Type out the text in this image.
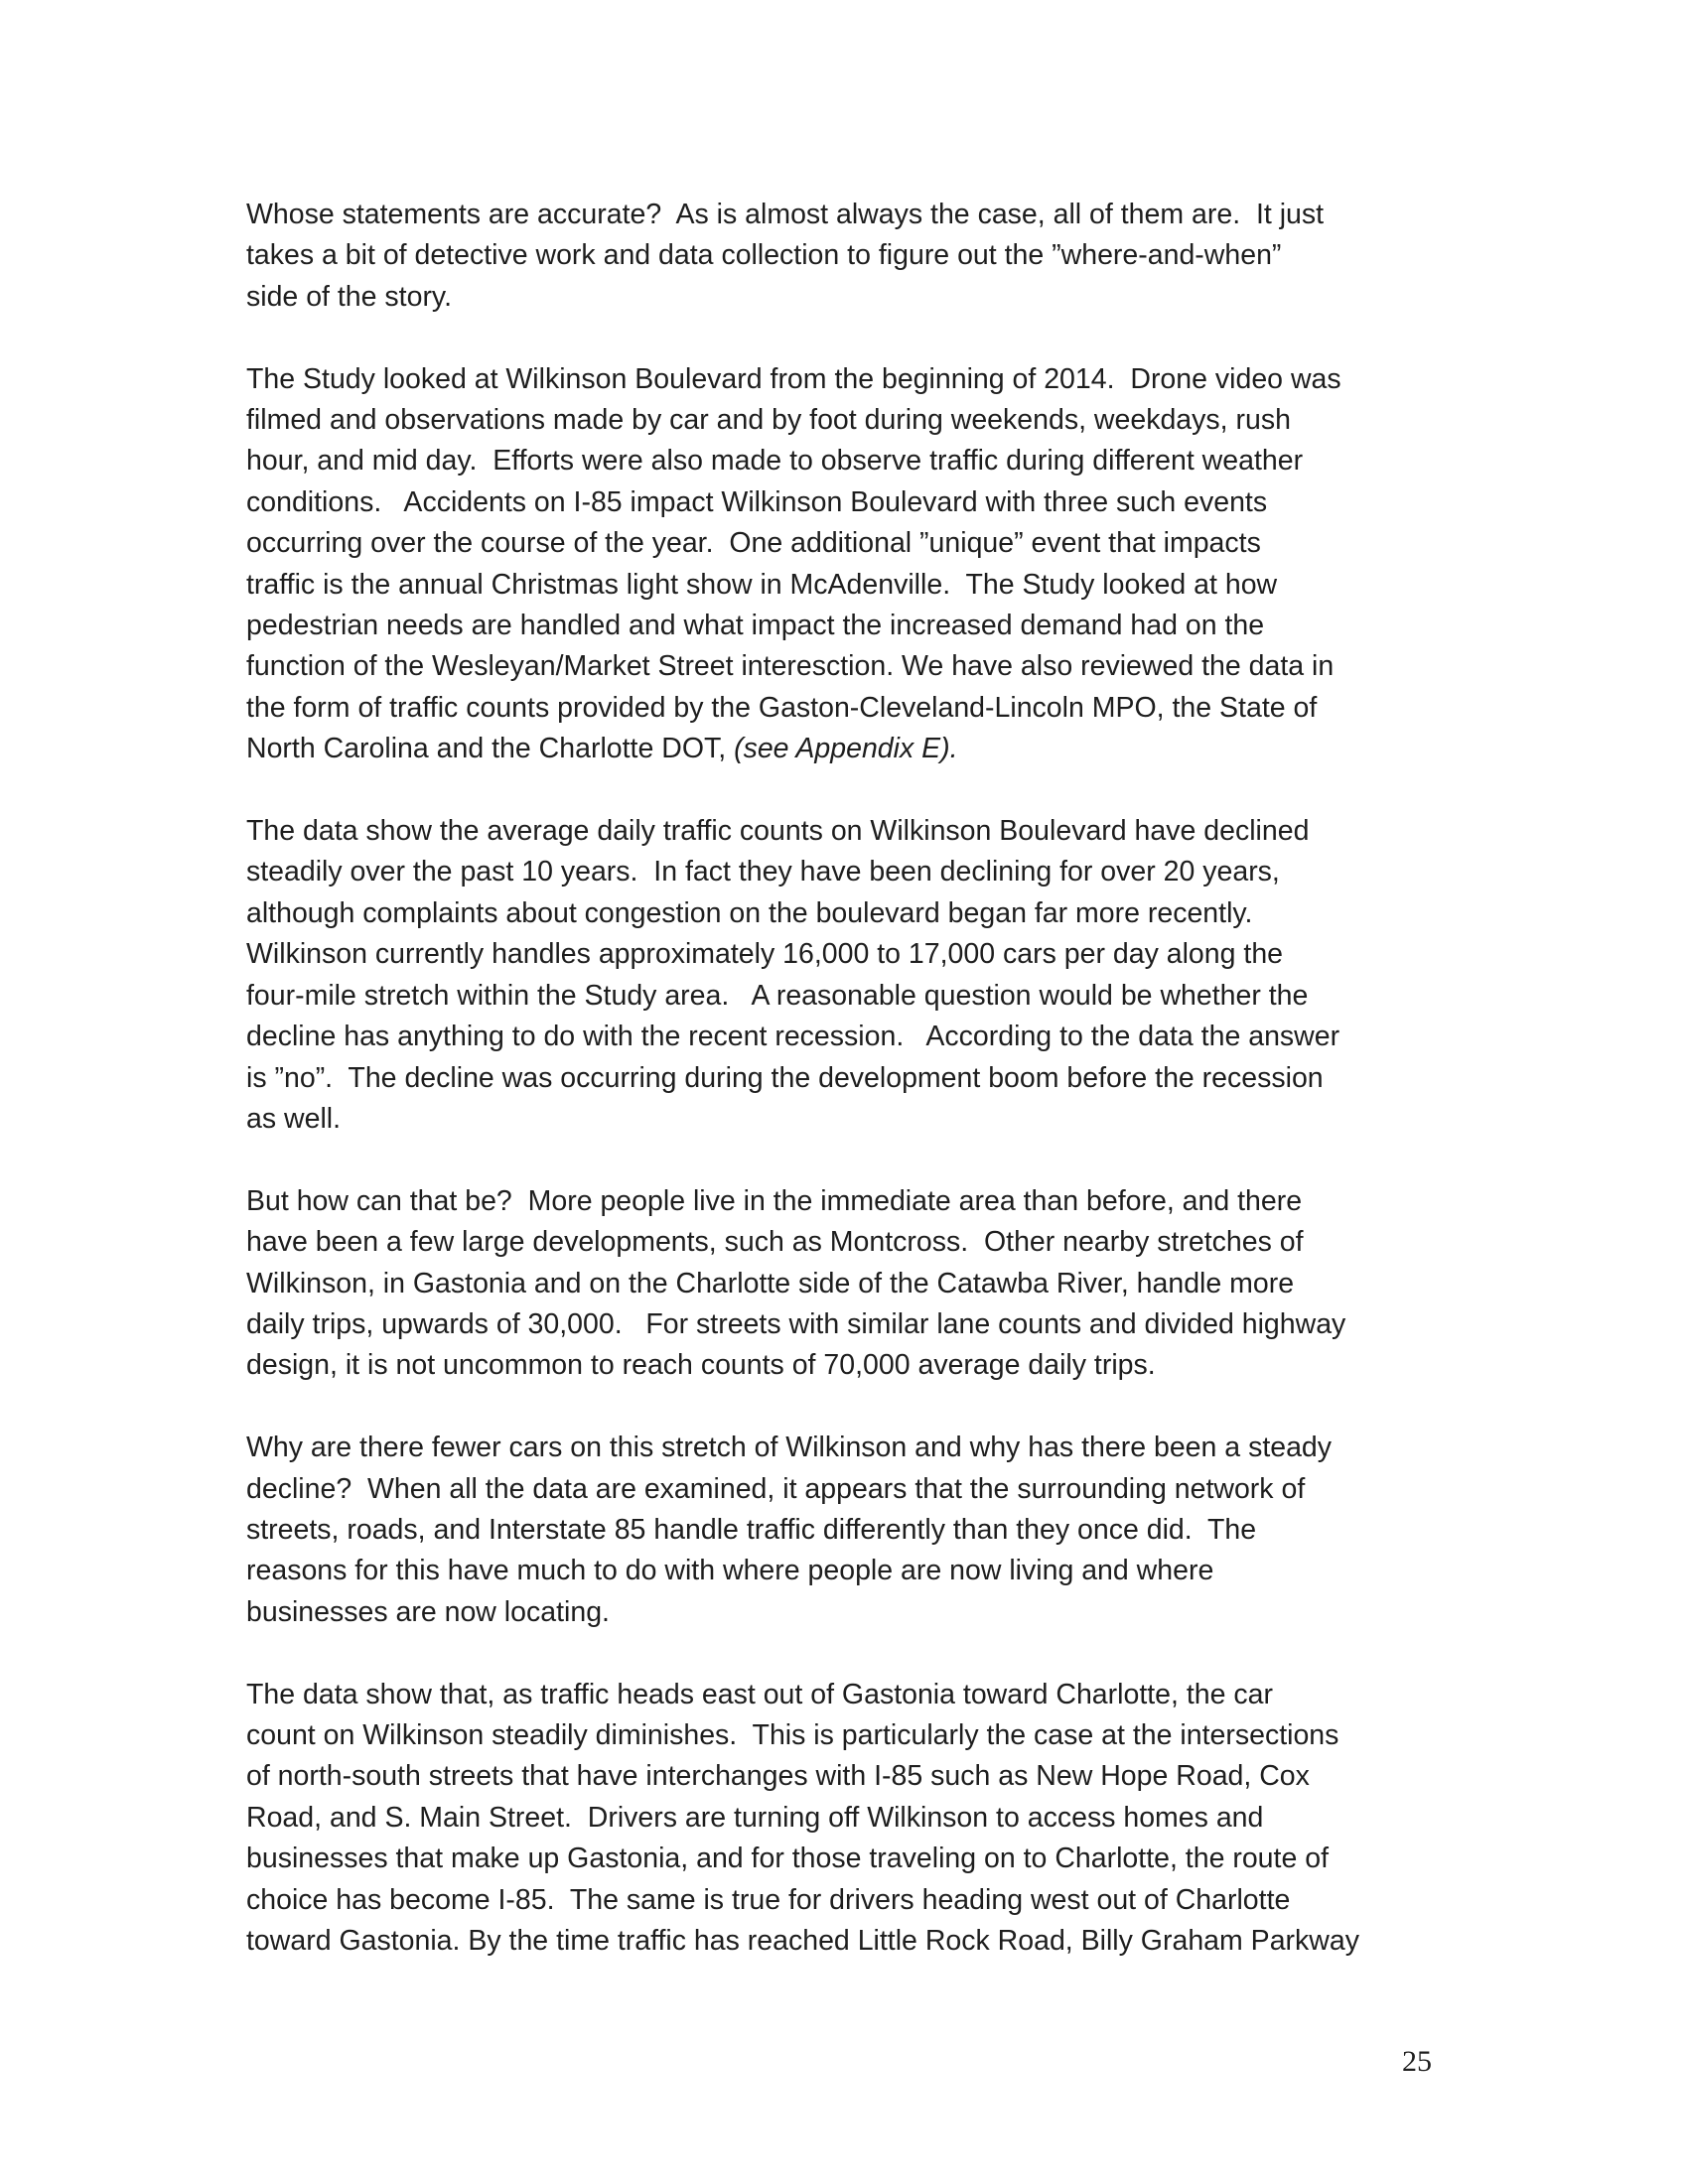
Whose statements are accurate?  As is almost always the case, all of them are.  It just
takes a bit of detective work and data collection to figure out the ”where-and-when”
side of the story.

The Study looked at Wilkinson Boulevard from the beginning of 2014.  Drone video was
filmed and observations made by car and by foot during weekends, weekdays, rush
hour, and mid day.  Efforts were also made to observe traffic during different weather
conditions.   Accidents on I-85 impact Wilkinson Boulevard with three such events
occurring over the course of the year.  One additional ”unique” event that impacts
traffic is the annual Christmas light show in McAdenville.  The Study looked at how
pedestrian needs are handled and what impact the increased demand had on the
function of the Wesleyan/Market Street interesction. We have also reviewed the data in
the form of traffic counts provided by the Gaston-Cleveland-Lincoln MPO, the State of
North Carolina and the Charlotte DOT, (see Appendix E).

The data show the average daily traffic counts on Wilkinson Boulevard have declined
steadily over the past 10 years.  In fact they have been declining for over 20 years,
although complaints about congestion on the boulevard began far more recently.
Wilkinson currently handles approximately 16,000 to 17,000 cars per day along the
four-mile stretch within the Study area.   A reasonable question would be whether the
decline has anything to do with the recent recession.   According to the data the answer
is ”no”.  The decline was occurring during the development boom before the recession
as well.

But how can that be?  More people live in the immediate area than before, and there
have been a few large developments, such as Montcross.  Other nearby stretches of
Wilkinson, in Gastonia and on the Charlotte side of the Catawba River, handle more
daily trips, upwards of 30,000.   For streets with similar lane counts and divided highway
design, it is not uncommon to reach counts of 70,000 average daily trips.

Why are there fewer cars on this stretch of Wilkinson and why has there been a steady
decline?  When all the data are examined, it appears that the surrounding network of
streets, roads, and Interstate 85 handle traffic differently than they once did.  The
reasons for this have much to do with where people are now living and where
businesses are now locating.

The data show that, as traffic heads east out of Gastonia toward Charlotte, the car
count on Wilkinson steadily diminishes.  This is particularly the case at the intersections
of north-south streets that have interchanges with I-85 such as New Hope Road, Cox
Road, and S. Main Street.  Drivers are turning off Wilkinson to access homes and
businesses that make up Gastonia, and for those traveling on to Charlotte, the route of
choice has become I-85.  The same is true for drivers heading west out of Charlotte
toward Gastonia. By the time traffic has reached Little Rock Road, Billy Graham Parkway

25
